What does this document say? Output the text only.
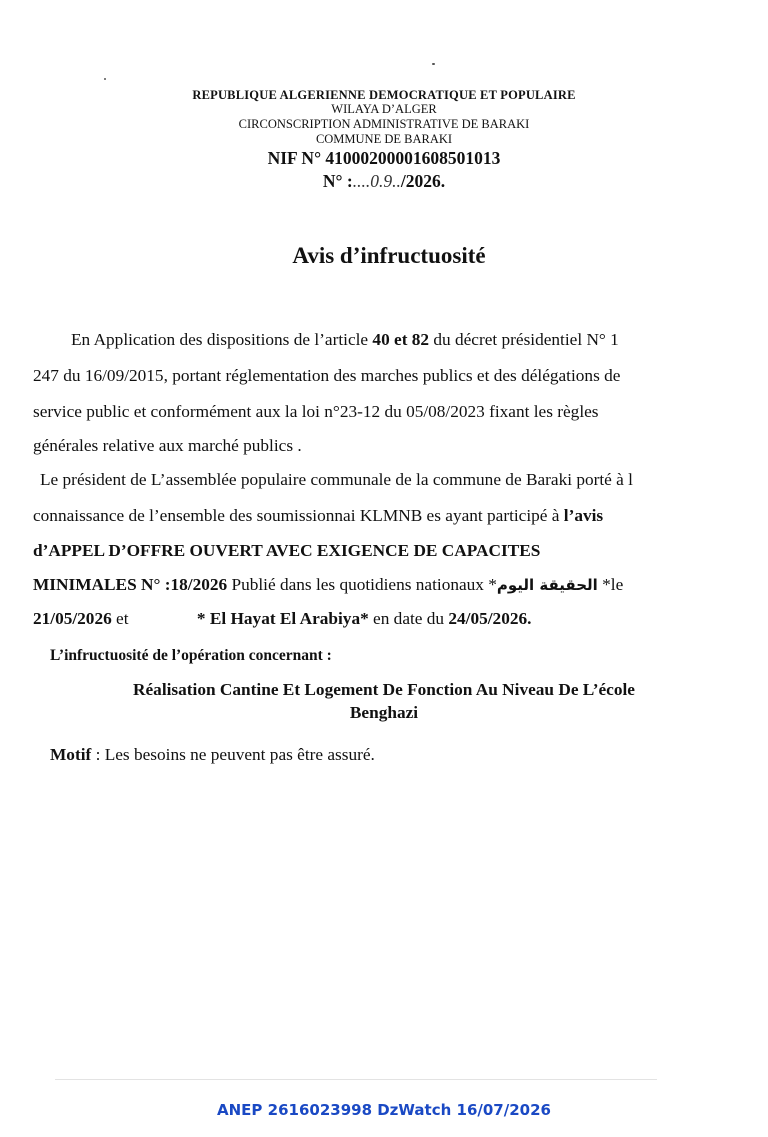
REPUBLIQUE ALGERIENNE DEMOCRATIQUE ET POPULAIRE
WILAYA D’ALGER
CIRCONSCRIPTION ADMINISTRATIVE DE BARAKI
COMMUNE DE BARAKI
NIF N° 410002000016085010​13
N° :....0.9../2026.
Avis d’infructuosité
En Application des dispositions de l’article 40 et 82 du décret présidentiel N° 1
247 du 16/09/2015, portant réglementation des marches publics et des délégations de
service public et conformément aux la loi n°23-12 du 05/08/2023 fixant les règles
générales relative aux marché publics .
Le président de L’assemblée populaire communale de la commune de Baraki porté à l
connaissance de l’ensemble des soumissionnai KLMNB es ayant participé à l’avis
d’APPEL D’OFFRE OUVERT AVEC EXIGENCE DE CAPACITES
MINIMALES N° :18/2026 Publié dans les quotidiens nationaux *الحقيقة اليوم *le
21/05/2026 et	* El Hayat El Arabiya* en date du 24/05/2026.
L’infructuosité de l’opération concernant :
Réalisation Cantine Et Logement De Fonction Au Niveau De L’école
Benghazi
Motif : Les besoins ne peuvent pas être assuré.
ANEP 2616023998 DzWatch 16/07/2026
